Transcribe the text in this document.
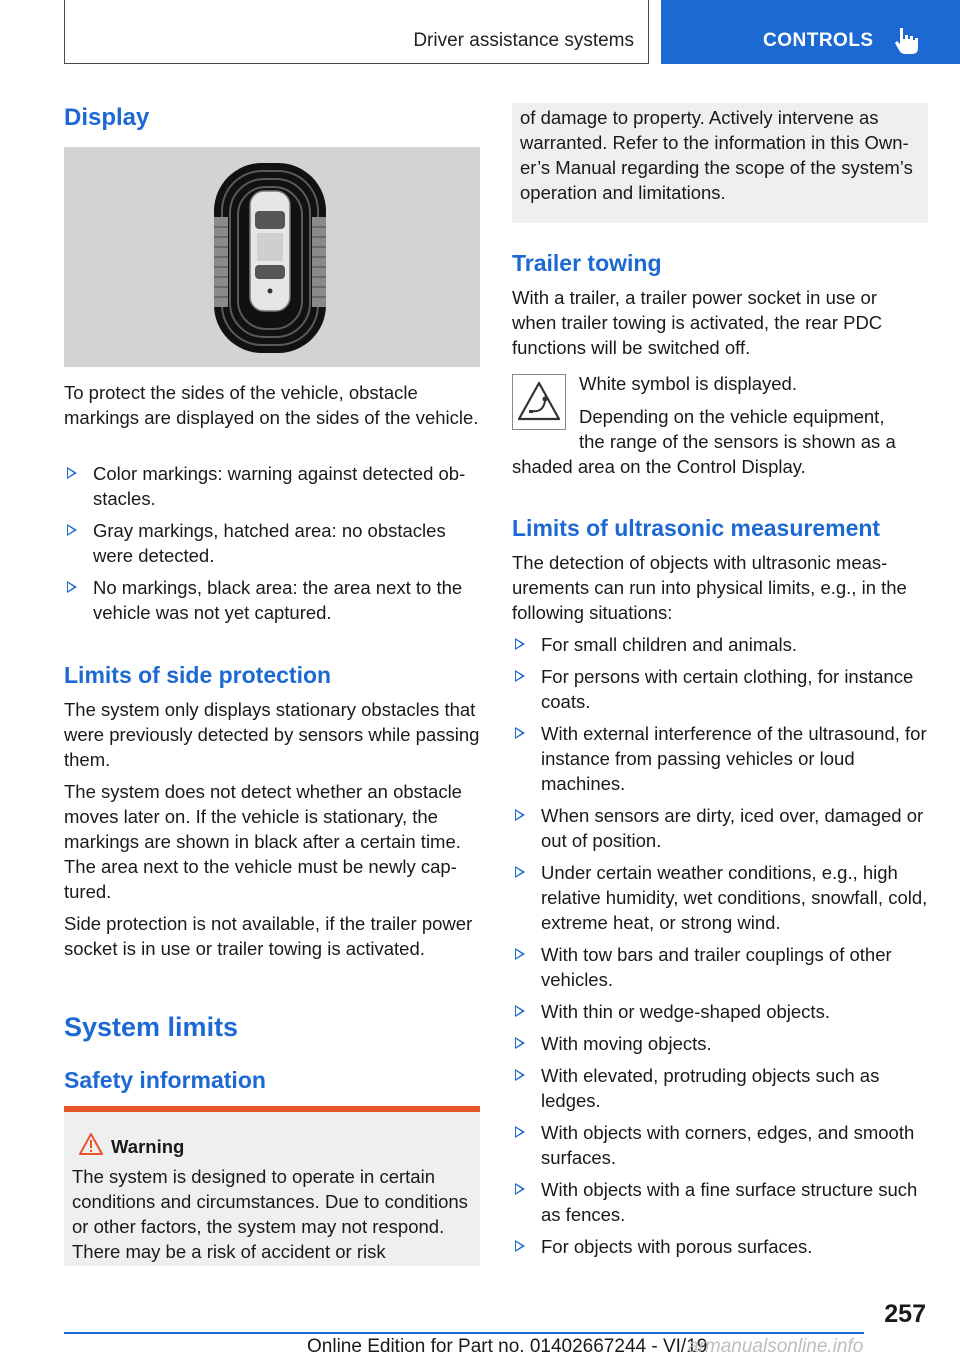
Driver assistance systems	CONTROLS
Display

To protect the sides of the vehicle, obstacle markings are displayed on the sides of the vehicle.

Color markings: warning against detected obstacles.
Gray markings, hatched area: no obstacles were detected.
No markings, black area: the area next to the vehicle was not yet captured.
Limits of side protection

The system only displays stationary obstacles that were previously detected by sensors while passing them.

The system does not detect whether an obstacle moves later on. If the vehicle is stationary, the markings are shown in black after a certain time. The area next to the vehicle must be newly captured.

Side protection is not available, if the trailer power socket is in use or trailer towing is activated.

System limits
Safety information
Warning

The system is designed to operate in certain conditions and circumstances. Due to conditions or other factors, the system may not respond. There may be a risk of accident or risk

of damage to property. Actively intervene as warranted. Refer to the information in this Owner’s Manual regarding the scope of the system’s operation and limitations.

Trailer towing

With a trailer, a trailer power socket in use or when trailer towing is activated, the rear PDC functions will be switched off.

White symbol is displayed.

Depending on the vehicle equipment,

the range of the sensors is shown as a

shaded area on the Control Display.

Limits of ultrasonic measurement

The detection of objects with ultrasonic measurements can run into physical limits, e.g., in the following situations:

For small children and animals.
For persons with certain clothing, for instance coats.
With external interference of the ultrasound, for instance from passing vehicles or loud machines.
When sensors are dirty, iced over, damaged or out of position.
Under certain weather conditions, e.g., high relative humidity, wet conditions, snowfall, cold, extreme heat, or strong wind.
With tow bars and trailer couplings of other vehicles.
With thin or wedge-shaped objects.
With moving objects.
With elevated, protruding objects such as ledges.
With objects with corners, edges, and smooth surfaces.
With objects with a fine surface structure such as fences.
For objects with porous surfaces.
257
Online Edition for Part no. 01402667244 - VI/19
armanualsonline.info
